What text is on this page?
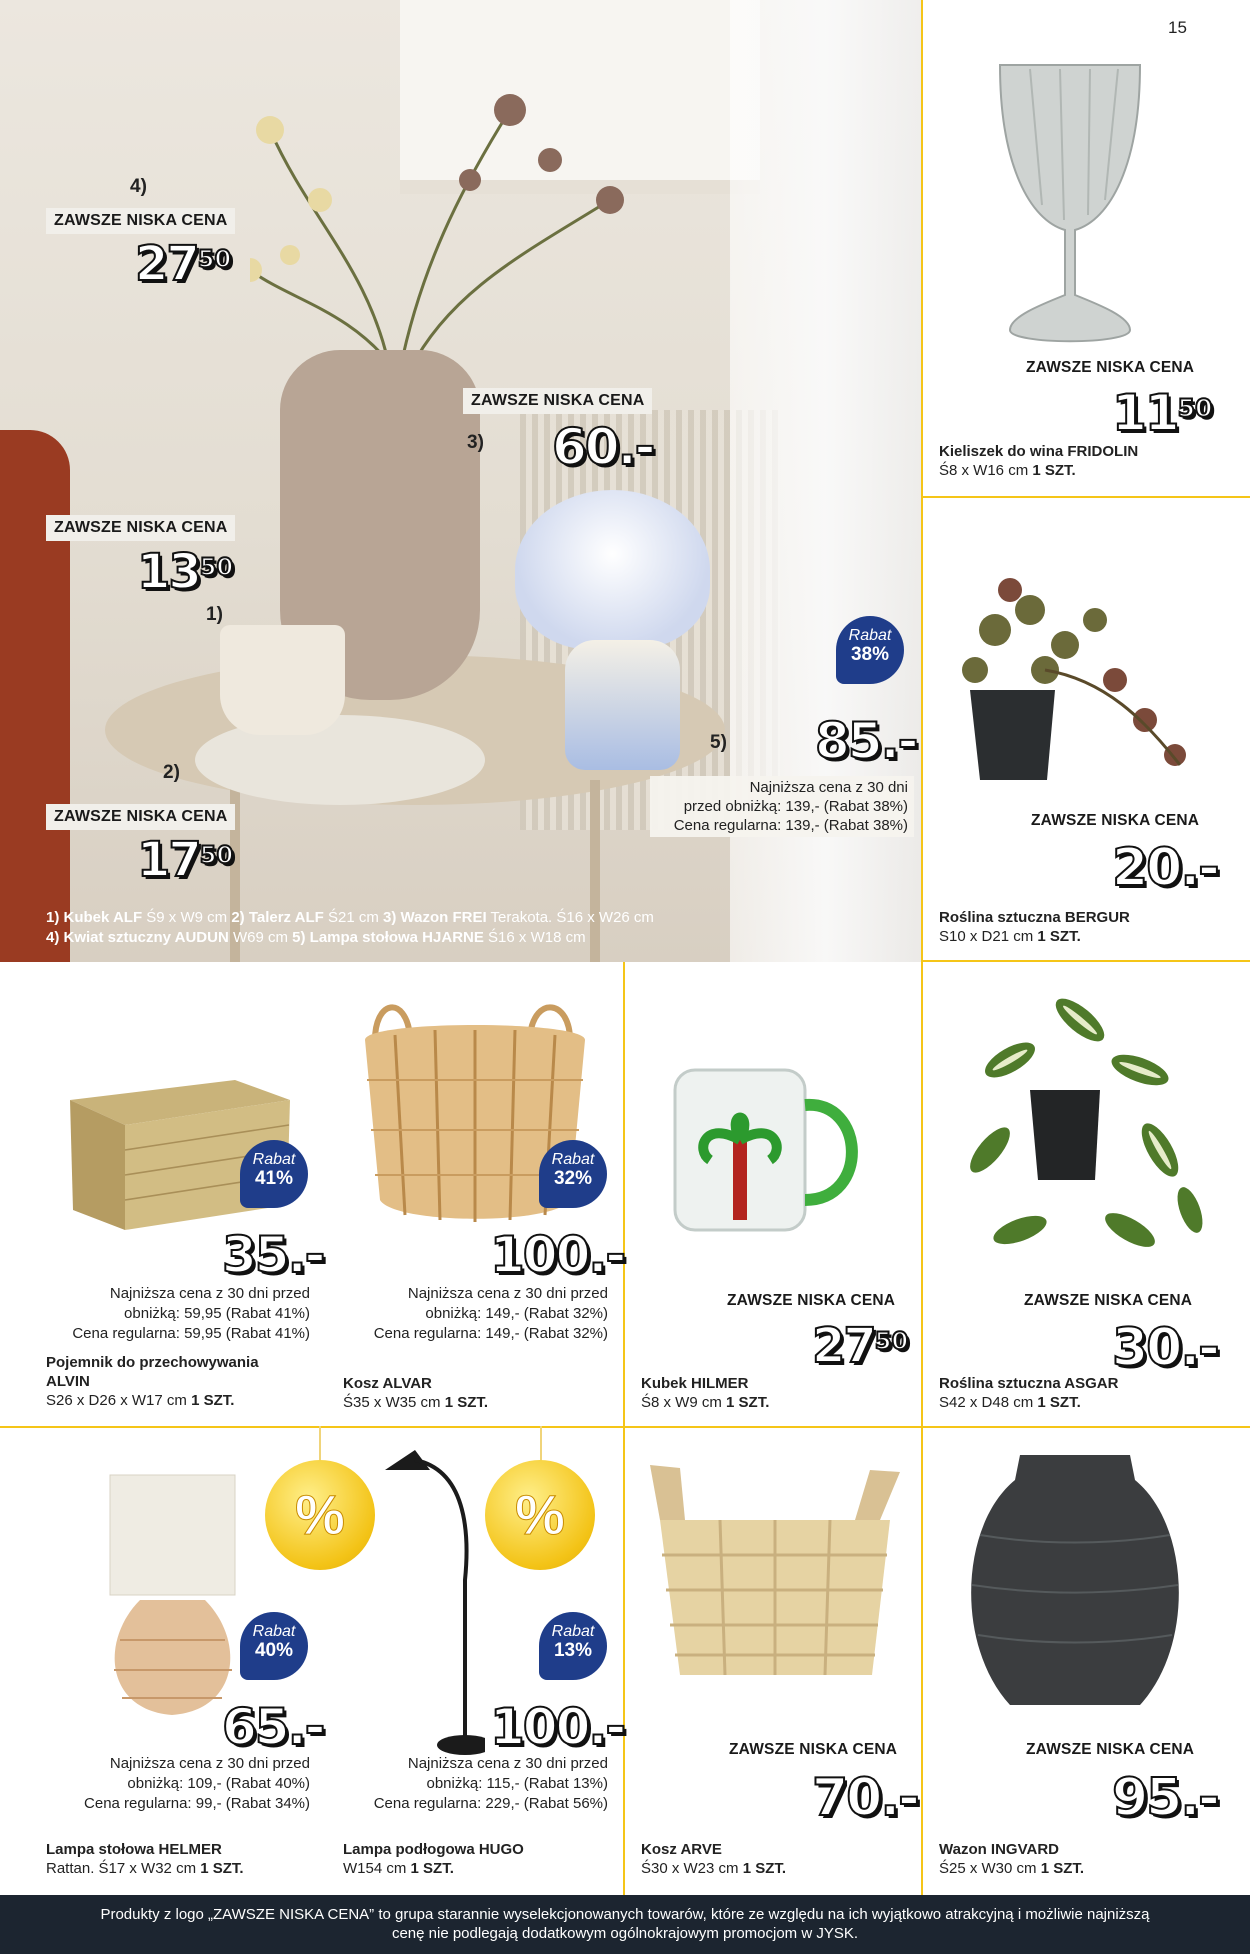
4)
ZAWSZE NISKA CENA
$27^{50}$
ZAWSZE NISKA CENA
3) 60.-
ZAWSZE NISKA CENA
$13^{50}$
1)
2)
ZAWSZE NISKA CENA
$17^{50}$
Rabat
38%
5) 85.-
Najniższa cena z 30 dni
przed obniżką: 139,- (Rabat 38%)
Cena regularna: 139,- (Rabat 38%)
1) Kubek ALF Ś9 x W9 cm 2) Talerz ALF Ś21 cm 3) Wazon FREI Terakota. Ś16 x W26 cm
4) Kwiat sztuczny AUDUN W69 cm 5) Lampa stołowa HJARNE Ś16 x W18 cm
15
ZAWSZE NISKA CENA
$11^{50}$
Kieliszek do wina FRIDOLIN
Ś8 x W16 cm 1 SZT.
ZAWSZE NISKA CENA
20.-
Roślina sztuczna BERGUR
S10 x D21 cm 1 SZT.
Rabat
41%
35.-
Najniższa cena z 30 dni przed
obniżką: 59,95 (Rabat 41%)
Cena regularna: 59,95 (Rabat 41%)
Pojemnik do przechowywania
ALVIN
S26 x D26 x W17 cm 1 SZT.
Rabat
32%
100.-
Najniższa cena z 30 dni przed
obniżką: 149,- (Rabat 32%)
Cena regularna: 149,- (Rabat 32%)
Kosz ALVAR
Ś35 x W35 cm 1 SZT.
ZAWSZE NISKA CENA
$27^{50}$
Kubek HILMER
Ś8 x W9 cm 1 SZT.
ZAWSZE NISKA CENA
30.-
Roślina sztuczna ASGAR
S42 x D48 cm 1 SZT.
%
Rabat
40%
65.-
Najniższa cena z 30 dni przed
obniżką: 109,- (Rabat 40%)
Cena regularna: 99,- (Rabat 34%)
Lampa stołowa HELMER
Rattan. Ś17 x W32 cm 1 SZT.
%
Rabat
13%
100.-
Najniższa cena z 30 dni przed
obniżką: 115,- (Rabat 13%)
Cena regularna: 229,- (Rabat 56%)
Lampa podłogowa HUGO
W154 cm 1 SZT.
ZAWSZE NISKA CENA
70.-
Kosz ARVE
Ś30 x W23 cm 1 SZT.
ZAWSZE NISKA CENA
95.-
Wazon INGVARD
Ś25 x W30 cm 1 SZT.
Produkty z logo „ZAWSZE NISKA CENA” to grupa starannie wyselekcjonowanych towarów, które ze względu na ich wyjątkowo atrakcyjną i możliwie najniższą
cenę nie podlegają dodatkowym ogólnokrajowym promocjom w JYSK.
